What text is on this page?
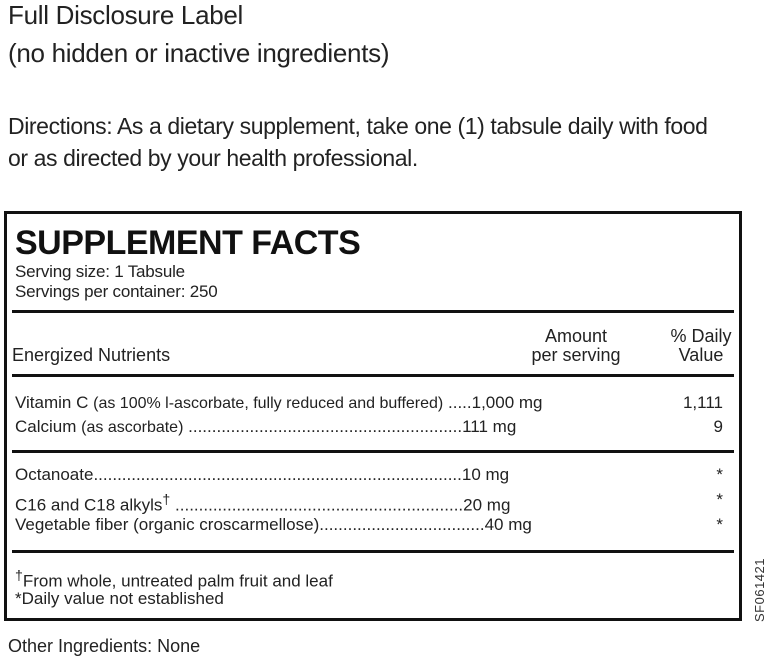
Full Disclosure Label
(no hidden or inactive ingredients)
Directions: As a dietary supplement, take one (1) tabsule daily with food
or as directed by your health professional.
SUPPLEMENT FACTS
Serving size: 1 Tabsule
Servings per container: 250
Energized Nutrients
Amount
per serving
% Daily
Value
Vitamin C (as 100% l-ascorbate, fully reduced and buffered) .....1,000 mg	1,111
Calcium (as ascorbate) ..........................................................111 mg	9
Octanoate..............................................................................10 mg	*
C16 and C18 alkyls† .............................................................20 mg	*
Vegetable fiber (organic croscarmellose)...................................40 mg	*
†From whole, untreated palm fruit and leaf
*Daily value not established	SF061421
Other Ingredients: None
